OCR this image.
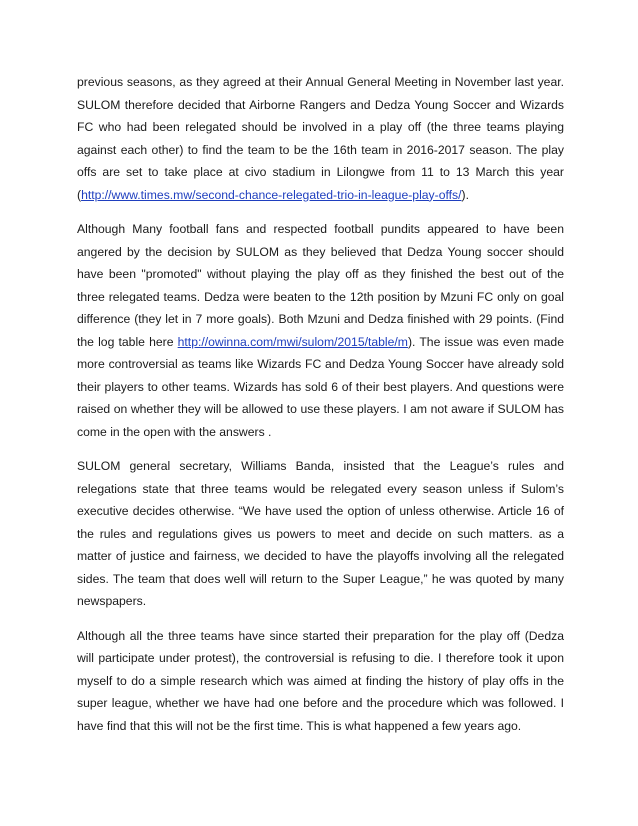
previous seasons, as they agreed at their Annual General Meeting in November last year. SULOM therefore decided that Airborne Rangers and Dedza Young Soccer and Wizards FC who had been relegated should be involved in a play off (the three teams playing against each other) to find the team to be the 16th team in 2016-2017 season. The play offs are set to take place at civo stadium in Lilongwe from 11 to 13 March this year (http://www.times.mw/second-chance-relegated-trio-in-league-play-offs/).

Although Many football fans and respected football pundits appeared to have been angered by the decision by SULOM as they believed that Dedza Young soccer should have been "promoted" without playing the play off as they finished the best out of the three relegated teams. Dedza were beaten to the 12th position by Mzuni FC only on goal difference (they let in 7 more goals). Both Mzuni and Dedza finished with 29 points. (Find the log table here http://owinna.com/mwi/sulom/2015/table/m). The issue was even made more controversial as teams like Wizards FC and Dedza Young Soccer have already sold their players to other teams. Wizards has sold 6 of their best players. And questions were raised on whether they will be allowed to use these players. I am not aware if SULOM has come in the open with the answers .

SULOM general secretary, Williams Banda, insisted that the League’s rules and relegations state that three teams would be relegated every season unless if Sulom’s executive decides otherwise. “We have used the option of unless otherwise. Article 16 of the rules and regulations gives us powers to meet and decide on such matters. as a matter of justice and fairness, we decided to have the playoffs involving all the relegated sides. The team that does well will return to the Super League,” he was quoted by many newspapers.

Although all the three teams have since started their preparation for the play off (Dedza will participate under protest), the controversial is refusing to die. I therefore took it upon myself to do a simple research which was aimed at finding the history of play offs in the super league, whether we have had one before and the procedure which was followed. I have find that this will not be the first time. This is what happened a few years ago.
